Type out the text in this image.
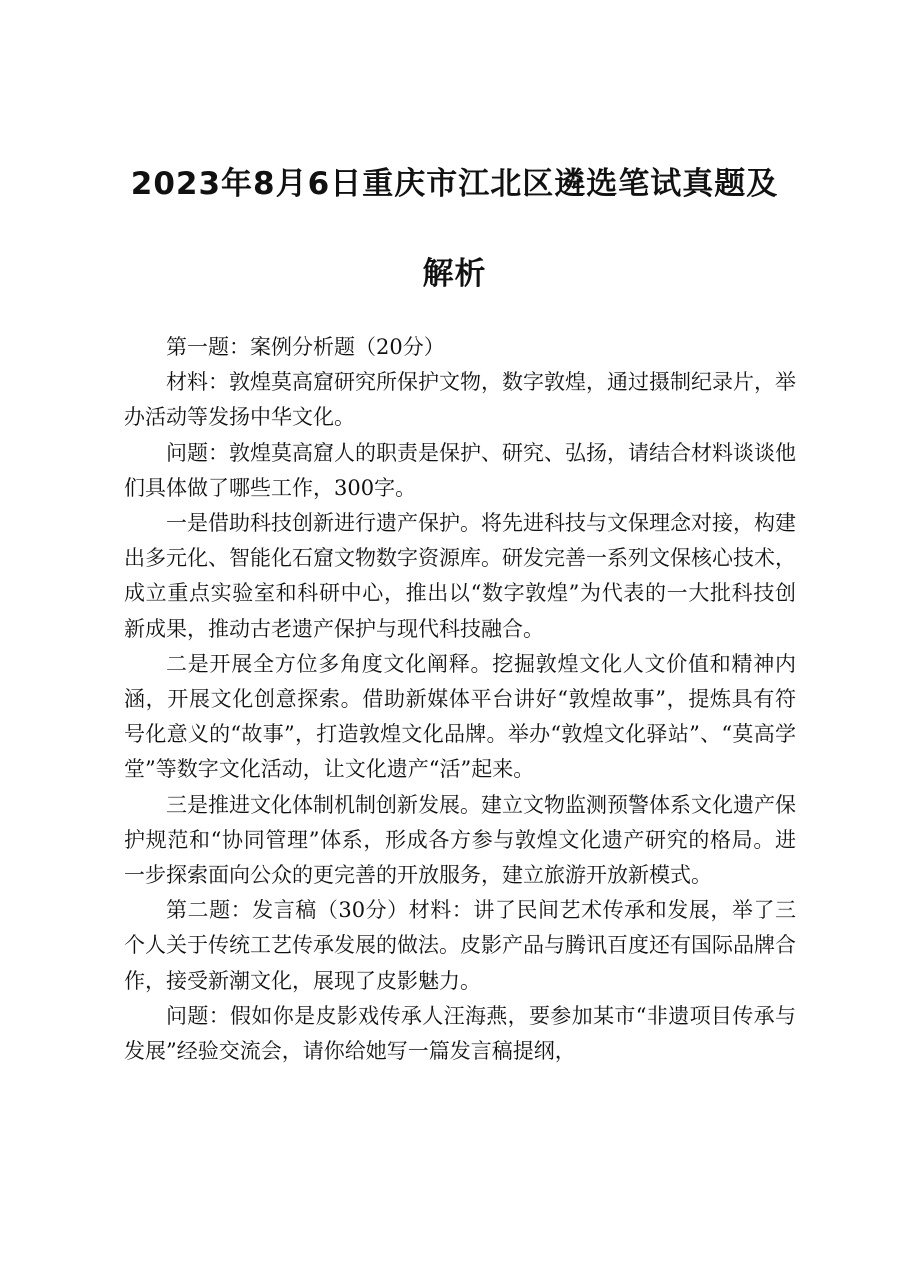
2023年8月6日重庆市江北区遴选笔试真题及
解析

第一题：案例分析题（20分）

材料：敦煌莫高窟研究所保护文物，数字敦煌，通过摄制纪录片，举办活动等发扬中华文化。

问题：敦煌莫高窟人的职责是保护、研究、弘扬，请结合材料谈谈他们具体做了哪些工作，300字。

一是借助科技创新进行遗产保护。将先进科技与文保理念对接，构建出多元化、智能化石窟文物数字资源库。研发完善一系列文保核心技术，成立重点实验室和科研中心，推出以“数字敦煌”为代表的一大批科技创新成果，推动古老遗产保护与现代科技融合。

二是开展全方位多角度文化阐释。挖掘敦煌文化人文价值和精神内涵，开展文化创意探索。借助新媒体平台讲好“敦煌故事”，提炼具有符号化意义的“故事”，打造敦煌文化品牌。举办“敦煌文化驿站”、“莫高学堂”等数字文化活动，让文化遗产“活”起来。

三是推进文化体制机制创新发展。建立文物监测预警体系文化遗产保护规范和“协同管理”体系，形成各方参与敦煌文化遗产研究的格局。进一步探索面向公众的更完善的开放服务，建立旅游开放新模式。

第二题：发言稿（30分）材料：讲了民间艺术传承和发展，举了三个人关于传统工艺传承发展的做法。皮影产品与腾讯百度还有国际品牌合作，接受新潮文化，展现了皮影魅力。

问题：假如你是皮影戏传承人汪海燕，要参加某市“非遗项目传承与发展”经验交流会，请你给她写一篇发言稿提纲，
